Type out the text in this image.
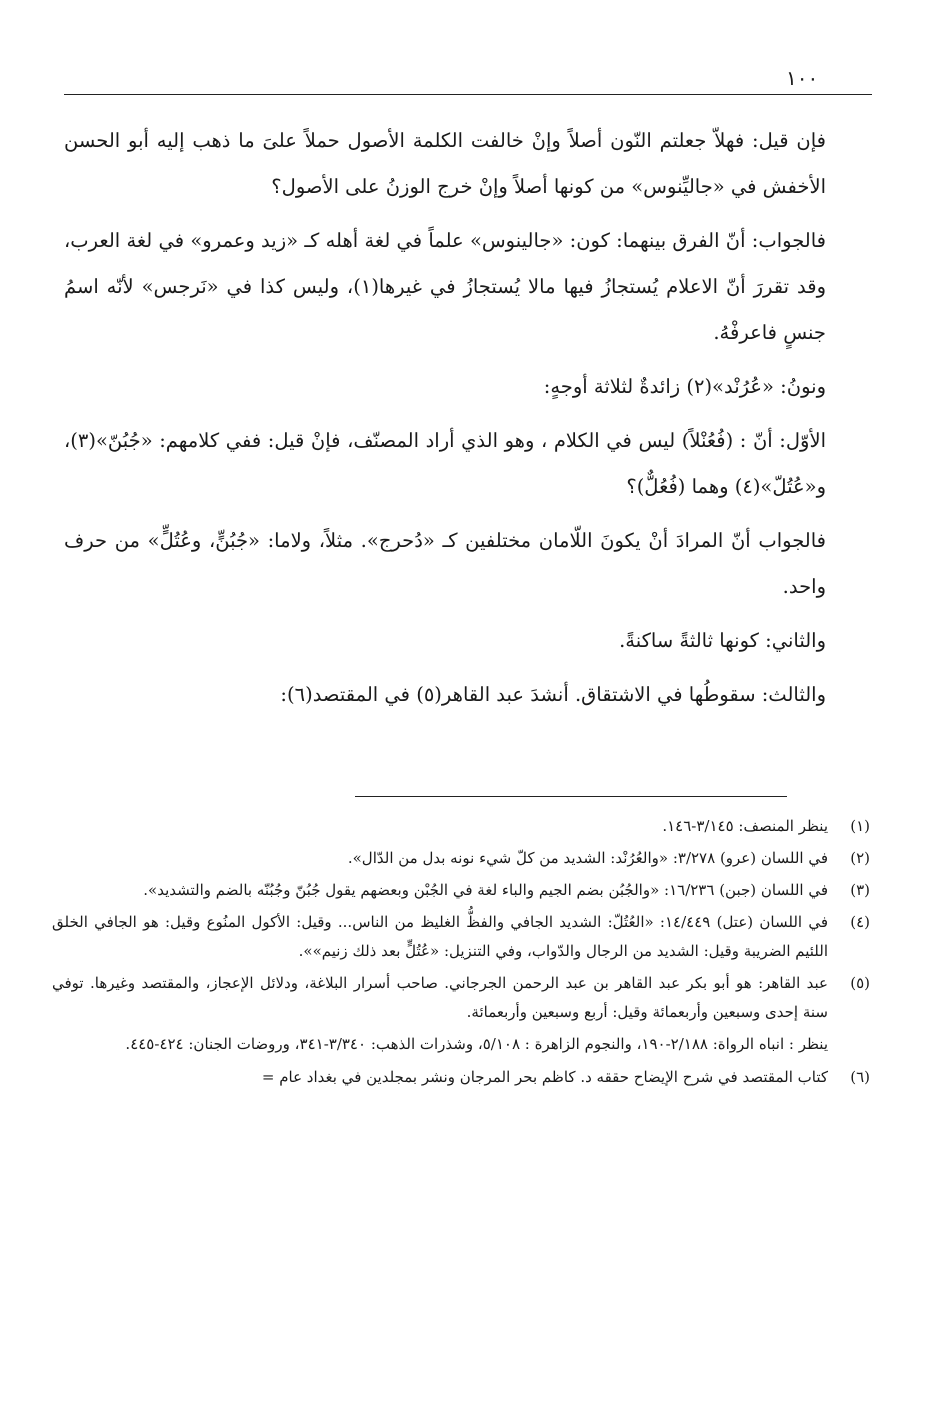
١٠٠

فإن قيل: فهلاّ جعلتم النّون أصلاً وإنْ خالفت الكلمة الأصول حملاً علىَ ما ذهب إليه أبو الحسن الأخفش في «جاليِّنوس» من كونها أصلاً وإنْ خرج الوزنُ على الأصول؟

فالجواب: أنّ الفرق بينهما: كون: «جالينوس» علماً في لغة أهله كـ «زيد وعمرو» في لغة العرب، وقد تقررَ أنّ الاعلام يُستجازُ فيها مالا يُستجازُ في غيرها(١)، وليس كذا في «نَرجس» لأنّه اسمُ جنسٍ فاعرفْهُ.

ونونُ: «عُرُنْد»(٢) زائدةٌ لثلاثة أوجهٍ:

الأوّل: أنّ : (فُعُنْلاً) ليس في الكلام ، وهو الذي أراد المصنّف، فإنْ قيل: ففي كلامهم: «جُبُنّ»(٣)، و«عُتُلّ»(٤) وهما (فُعُلٌّ)؟

فالجواب أنّ المرادَ أنْ يكونَ اللّامان مختلفين كـ «دُحرج». مثلاً، ولاما: «جُبُنٍّ، وعُتُلٍّ» من حرف واحد.

والثاني: كونها ثالثةً ساكنةً.

والثالث: سقوطُها في الاشتقاق. أنشدَ عبد القاهر(٥) في المقتصد(٦):

(١)
ينظر المنصف: ٣/١٤٥-١٤٦.
(٢)
في اللسان (عرو) ٣/٢٧٨: «والعُرُنْد: الشديد من كلّ شيء نونه بدل من الدّال».
(٣)
في اللسان (جبن) ١٦/٢٣٦: «والجُبُن بضم الجيم والباء لغة في الجُبْن وبعضهم يقول جُبُنّ وجُبُنّه بالضم والتشديد».
(٤)
في اللسان (عتل) ١٤/٤٤٩: «العُتُلّ: الشديد الجافي والفظُّ الغليظ من الناس... وقيل: الأكول المنُوع وقيل: هو الجافي الخلق اللئيم الضريبة وقيل: الشديد من الرجال والدّواب، وفي التنزيل: «عُتُلٍّ بعد ذلك زنيم»».
(٥)
عبد القاهر: هو أبو بكر عبد القاهر بن عبد الرحمن الجرجاني. صاحب أسرار البلاغة، ودلائل الإعجاز، والمقتصد وغيرها. توفي سنة إحدى وسبعين وأربعمائة وقيل: أربع وسبعين وأربعمائة.

ينظر : انباه الرواة: ٢/١٨٨-١٩٠، والنجوم الزاهرة : ٥/١٠٨، وشذرات الذهب: ٣/٣٤٠-٣٤١، وروضات الجنان: ٤٢٤-٤٤٥.

(٦)
كتاب المقتصد في شرح الإيضاح حققه د. كاظم بحر المرجان ونشر بمجلدين في بغداد عام =
